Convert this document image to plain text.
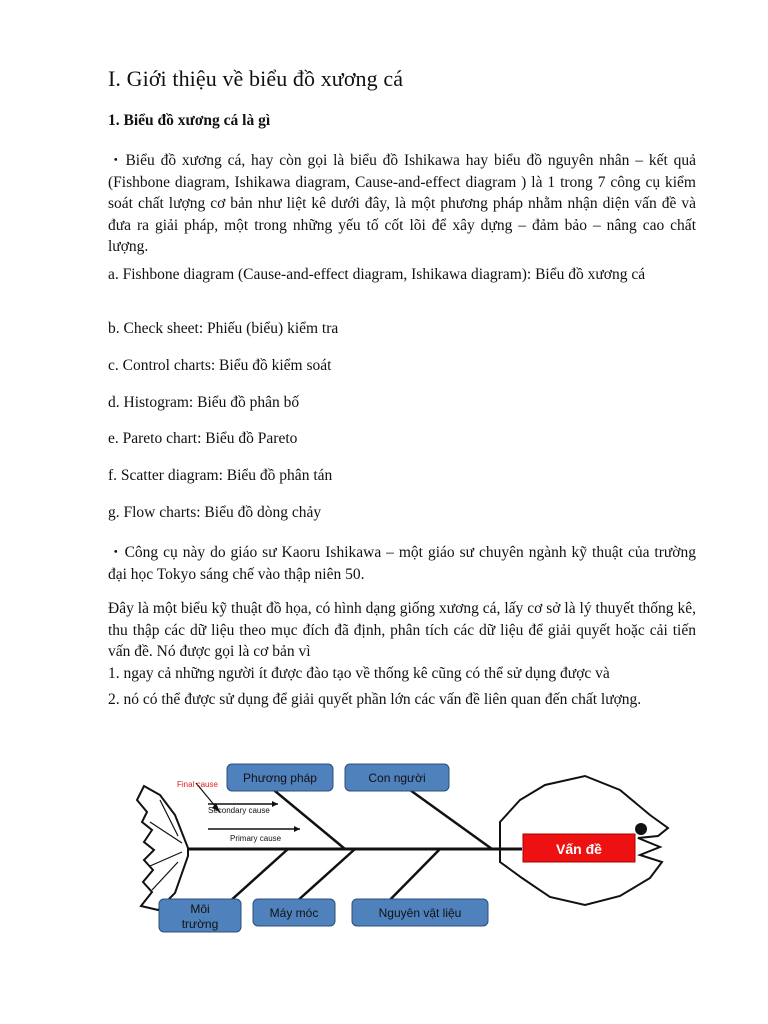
I. Giới thiệu về biểu đồ xương cá
1. Biểu đồ xương cá là gì

・Biểu đồ xương cá, hay còn gọi là biểu đồ Ishikawa hay biểu đồ nguyên nhân – kết quả (Fishbone diagram, Ishikawa diagram, Cause-and-effect diagram ) là 1 trong 7 công cụ kiểm soát chất lượng cơ bản như liệt kê dưới đây, là một phương pháp nhằm nhận diện vấn đề và đưa ra giải pháp, một trong những yếu tố cốt lõi để xây dựng – đảm bảo – nâng cao chất lượng.

a. Fishbone diagram (Cause-and-effect diagram, Ishikawa diagram): Biểu đồ xương cá

b. Check sheet: Phiếu (biểu) kiểm tra

c. Control charts: Biểu đồ kiểm soát

d. Histogram: Biểu đồ phân bố

e. Pareto chart: Biểu đồ Pareto

f. Scatter diagram: Biểu đồ phân tán

g. Flow charts: Biểu đồ dòng chảy

・Công cụ này do giáo sư Kaoru Ishikawa – một giáo sư chuyên ngành kỹ thuật của trường đại học Tokyo sáng chế vào thập niên 50.

Đây là một biểu kỹ thuật đồ họa, có hình dạng giống xương cá, lấy cơ sở là lý thuyết thống kê, thu thập các dữ liệu theo mục đích đã định, phân tích các dữ liệu để giải quyết hoặc cải tiến vấn đề. Nó được gọi là cơ bản vì

1. ngay cả những người ít được đào tạo về thống kê cũng có thể sử dụng được và

2. nó có thể được sử dụng để giải quyết phần lớn các vấn đề liên quan đến chất lượng.

Final cause
Secondary cause
Primary cause
Phương pháp	Con người
Môi
trường
Máy móc	Nguyên vật liệu
Vấn đề
